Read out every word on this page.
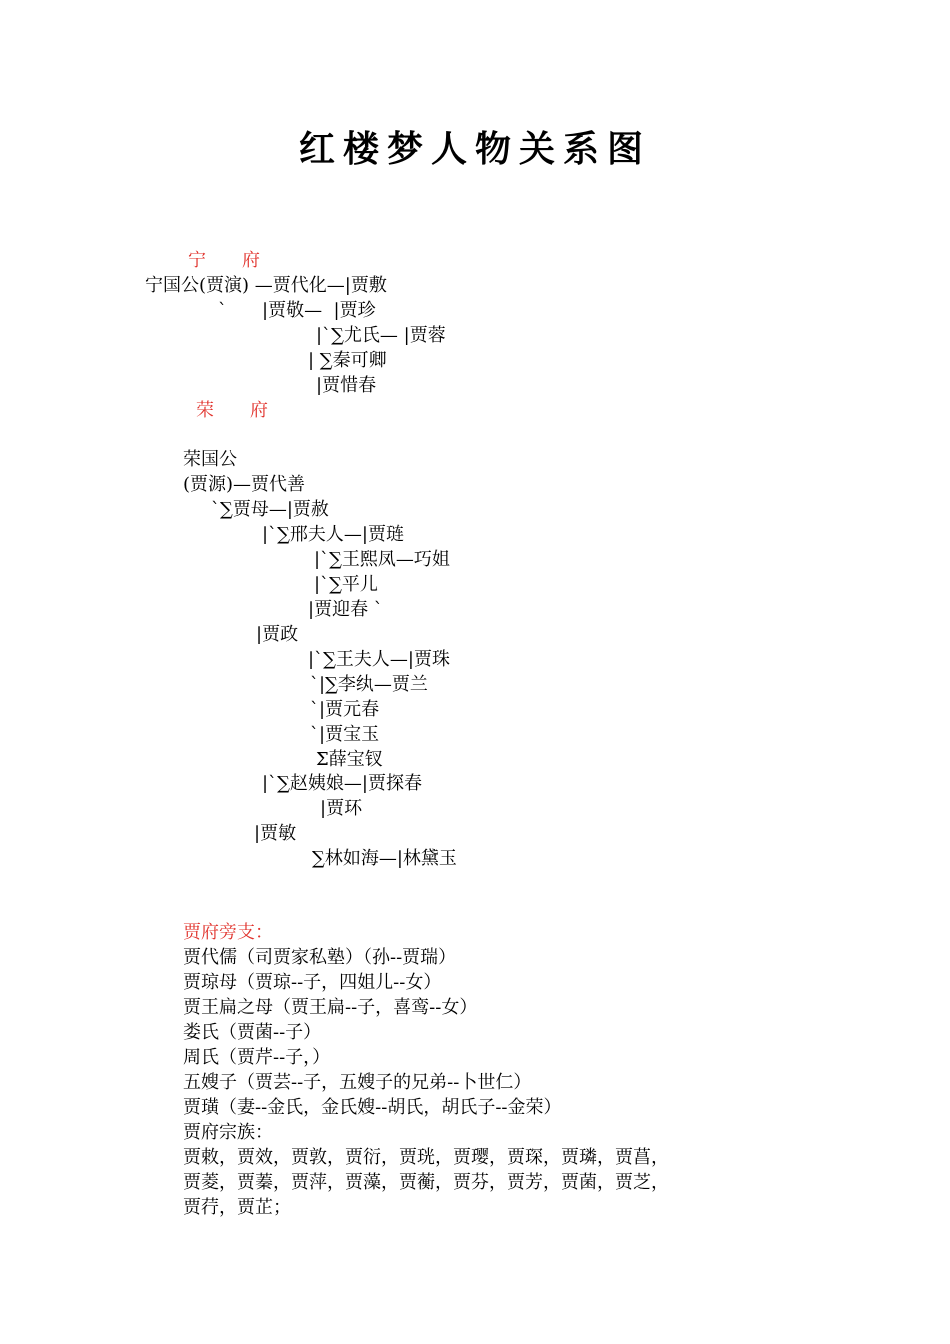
红楼梦人物关系图
宁　　府
宁国公(贾演) —贾代化—|贾敷
` |贾敬—  |贾珍
|`∑尤氏— |贾蓉
| ∑秦可卿
|贾惜春
荣　　府
荣国公
(贾源)—贾代善
`∑贾母—|贾赦
|`∑邢夫人—|贾琏
|`∑王熙凤—巧姐
|`∑平儿
|贾迎春 `
|贾政
|`∑王夫人—|贾珠
`|∑李纨—贾兰
`|贾元春
`|贾宝玉
Σ薛宝钗
|`∑赵姨娘—|贾探春
|贾环
|贾敏
∑林如海—|林黛玉
贾府旁支：
贾代儒（司贾家私塾）（孙--贾瑞）
贾琼母（贾琼--子，四姐儿--女）
贾王扁之母（贾王扁--子，喜鸾--女）
娄氏（贾菌--子）
周氏（贾芹--子，）
五嫂子（贾芸--子，五嫂子的兄弟--卜世仁）
贾璜（妻--金氏，金氏嫂--胡氏，胡氏子--金荣）
贾府宗族：
贾敕，贾效，贾敦，贾衍，贾珖，贾璎，贾琛，贾璘，贾菖，
贾菱，贾蓁，贾萍，贾藻，贾蘅，贾芬，贾芳，贾菌，贾芝，
贾荇，贾芷；
